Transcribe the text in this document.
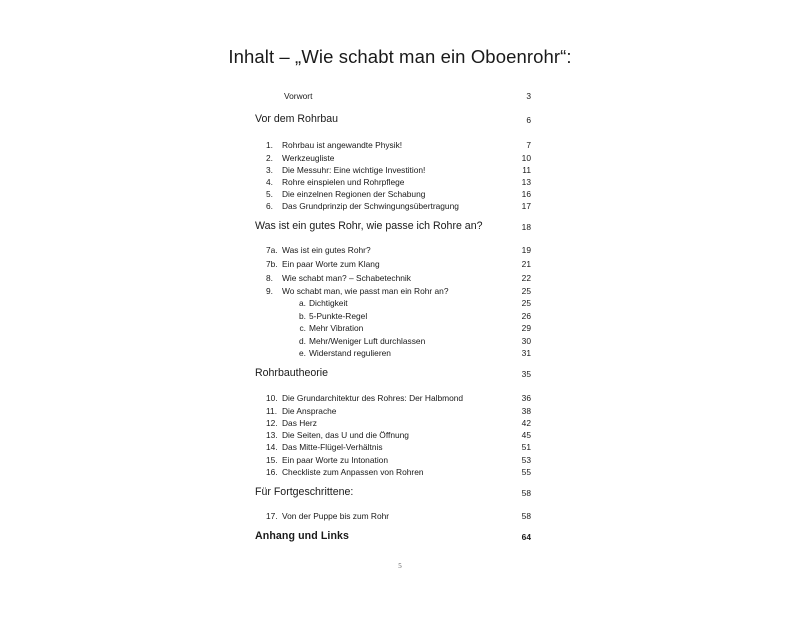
Inhalt – „Wie schabt man ein Oboenrohr“:
Vorwort	3
Vor dem Rohrbau	6
1. Rohrbau ist angewandte Physik!	7
2. Werkzeugliste	10
3. Die Messuhr: Eine wichtige Investition!	11
4. Rohre einspielen und Rohrpflege	13
5. Die einzelnen Regionen der Schabung	16
6. Das Grundprinzip der Schwingungsübertragung	17
Was ist ein gutes Rohr, wie passe ich Rohre an?	18
7a. Was ist ein gutes Rohr?	19
7b. Ein paar Worte zum Klang	21
8. Wie schabt man? – Schabetechnik	22
9. Wo schabt man, wie passt man ein Rohr an?	25
a. Dichtigkeit	25
b. 5-Punkte-Regel	26
c. Mehr Vibration	29
d. Mehr/Weniger Luft durchlassen	30
e. Widerstand regulieren	31
Rohrbautheorie	35
10. Die Grundarchitektur des Rohres: Der Halbmond	36
11. Die Ansprache	38
12. Das Herz	42
13. Die Seiten, das U und die Öffnung	45
14. Das Mitte-Flügel-Verhältnis	51
15. Ein paar Worte zu Intonation	53
16. Checkliste zum Anpassen von Rohren	55
Für Fortgeschrittene:	58
17. Von der Puppe bis zum Rohr	58
Anhang und Links	64
5
